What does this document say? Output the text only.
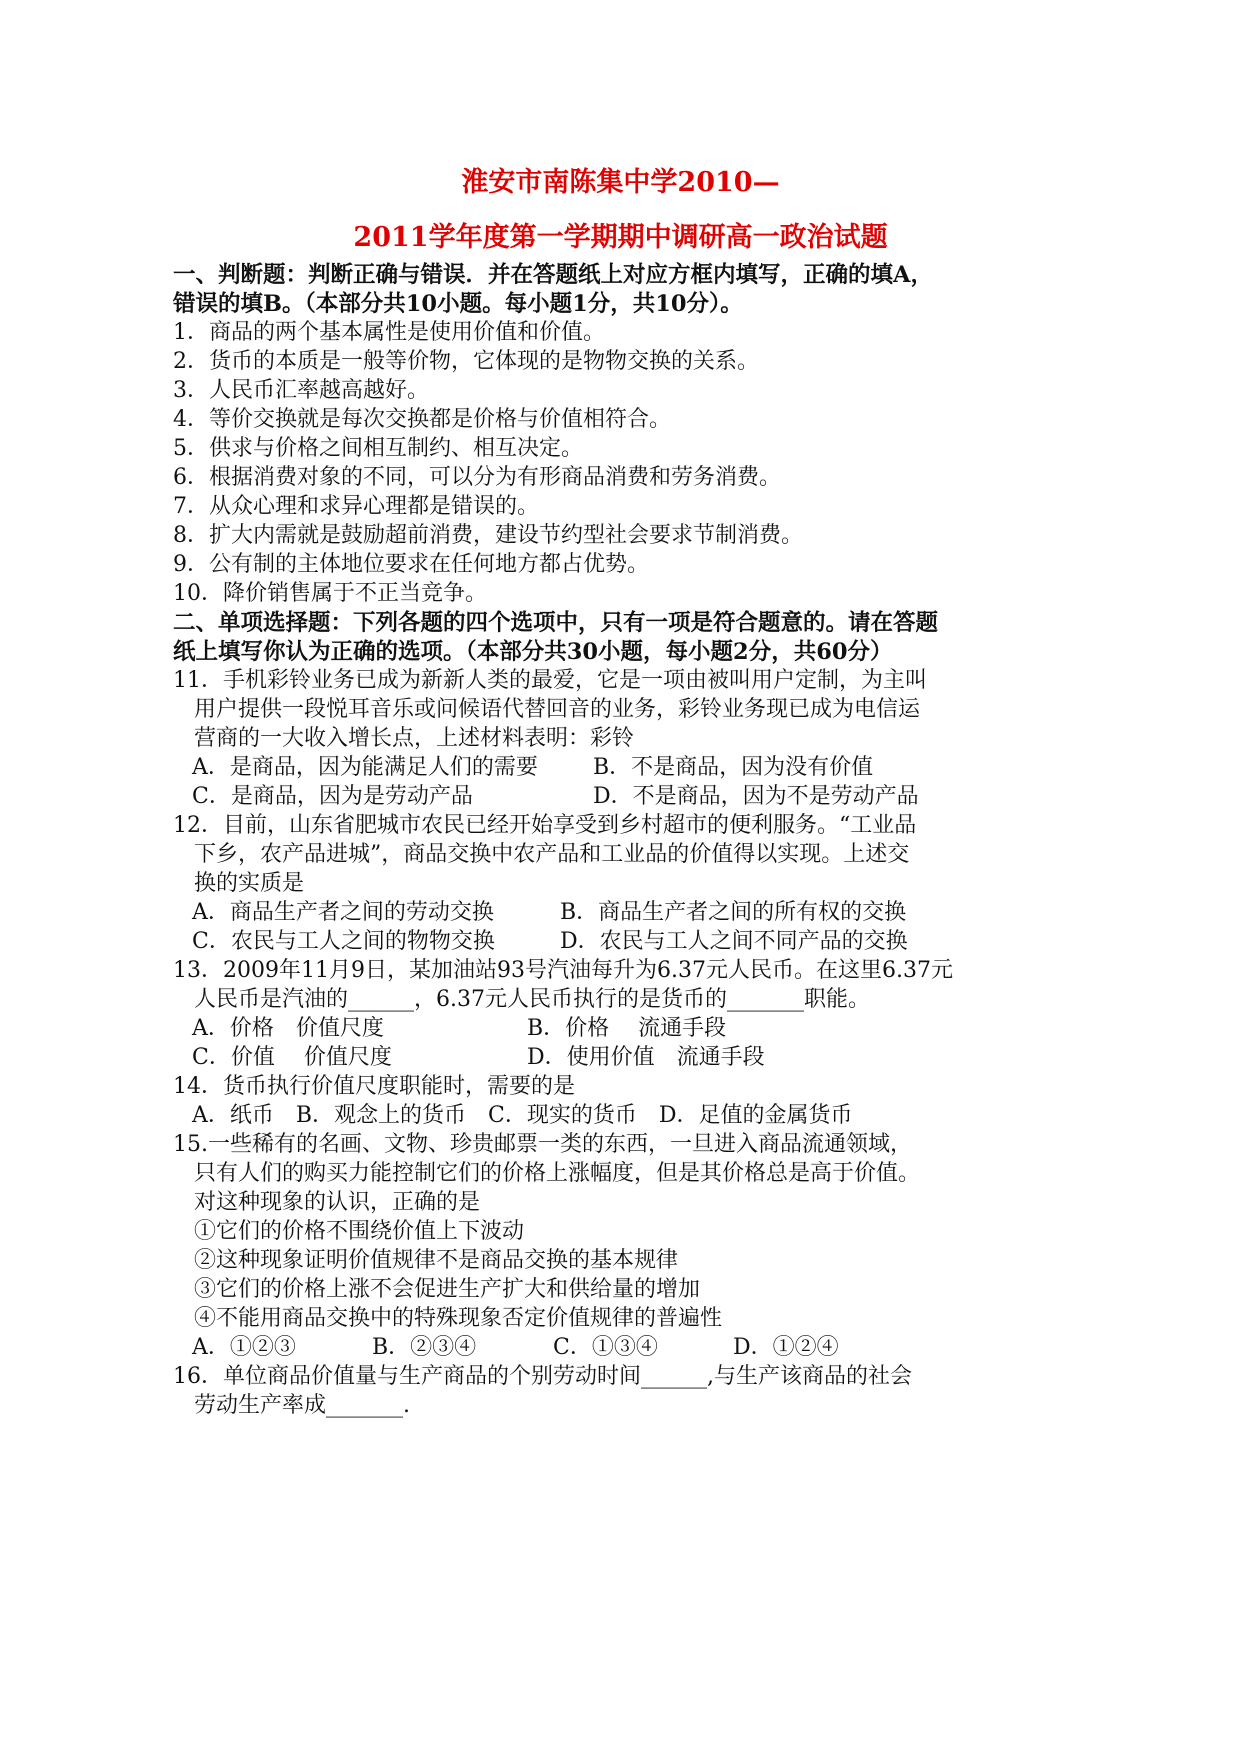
淮安市南陈集中学2010—
2011学年度第一学期期中调研高一政治试题
一、判断题：判断正确与错误．并在答题纸上对应方框内填写，正确的填A，
错误的填B。（本部分共10小题。每小题1分，共10分）。
1．商品的两个基本属性是使用价值和价值。
2．货币的本质是一般等价物，它体现的是物物交换的关系。
3．人民币汇率越高越好。
4．等价交换就是每次交换都是价格与价值相符合。
5．供求与价格之间相互制约、相互决定。
6．根据消费对象的不同，可以分为有形商品消费和劳务消费。
7．从众心理和求异心理都是错误的。
8．扩大内需就是鼓励超前消费，建设节约型社会要求节制消费。
9．公有制的主体地位要求在任何地方都占优势。
10．降价销售属于不正当竞争。
二、单项选择题：下列各题的四个选项中，只有一项是符合题意的。请在答题
纸上填写你认为正确的选项。（本部分共30小题，每小题2分，共60分）
11．手机彩铃业务已成为新新人类的最爱，它是一项由被叫用户定制，为主叫
用户提供一段悦耳音乐或问候语代替回音的业务，彩铃业务现已成为电信运
营商的一大收入增长点，上述材料表明：彩铃
A．是商品，因为能满足人们的需要	B．不是商品，因为没有价值
C．是商品，因为是劳动产品	D．不是商品，因为不是劳动产品
12．目前，山东省肥城市农民已经开始享受到乡村超市的便利服务。“工业品
下乡，农产品进城”，商品交换中农产品和工业品的价值得以实现。上述交
换的实质是
A．商品生产者之间的劳动交换	B．商品生产者之间的所有权的交换
C．农民与工人之间的物物交换	D．农民与工人之间不同产品的交换
13．2009年11月9日，某加油站93号汽油每升为6.37元人民币。在这里6.37元
人民币是汽油的______，6.37元人民币执行的是货币的_______职能。
A．价格　价值尺度	B．价格　 流通手段
C．价值　 价值尺度	D．使用价值　流通手段
14．货币执行价值尺度职能时，需要的是
A．纸币　B．观念上的货币　C．现实的货币　D．足值的金属货币
15.一些稀有的名画、文物、珍贵邮票一类的东西，一旦进入商品流通领域，
只有人们的购买力能控制它们的价格上涨幅度，但是其价格总是高于价值。
对这种现象的认识，正确的是
①它们的价格不围绕价值上下波动
②这种现象证明价值规律不是商品交换的基本规律
③它们的价格上涨不会促进生产扩大和供给量的增加
④不能用商品交换中的特殊现象否定价值规律的普遍性
A．①②③	B．②③④	C．①③④	D．①②④
16．单位商品价值量与生产商品的个别劳动时间______,与生产该商品的社会
劳动生产率成_______.
